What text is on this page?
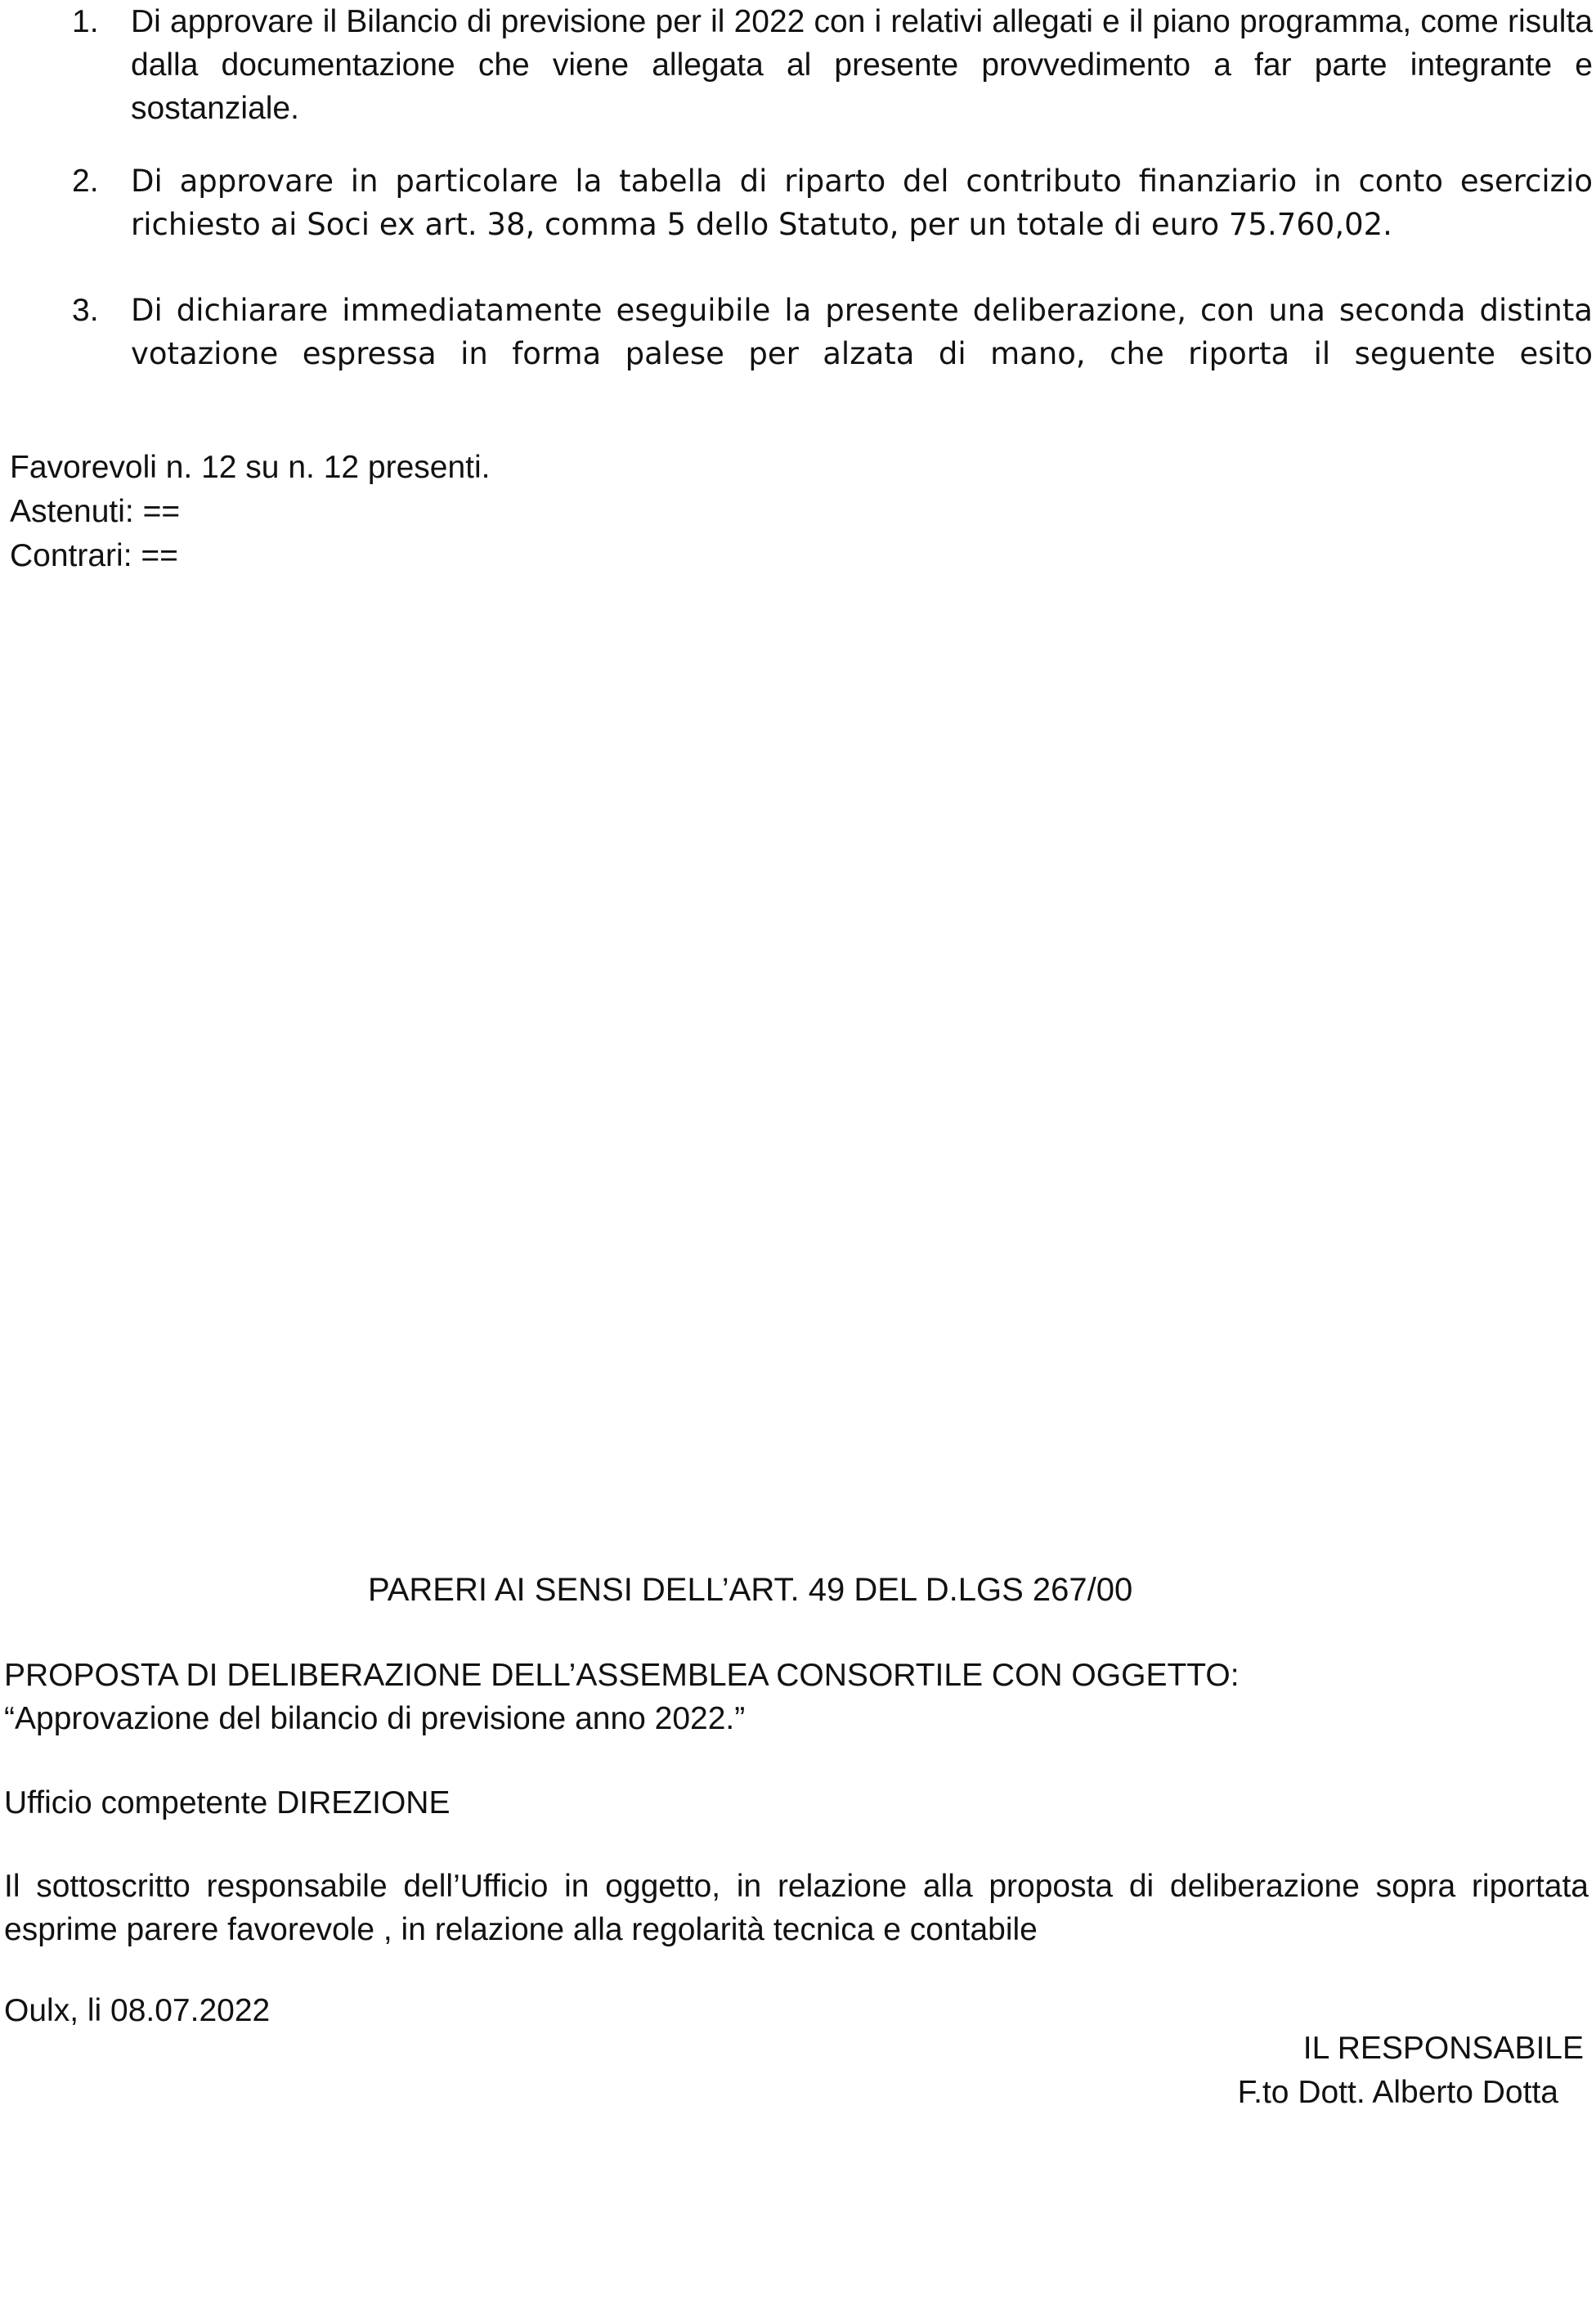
1. Di approvare il Bilancio di previsione per il 2022 con i relativi allegati e il piano programma, come risulta dalla documentazione che viene allegata al presente provvedimento a far parte integrante e sostanziale.
2. Di approvare in particolare la tabella di riparto del contributo finanziario in conto esercizio richiesto ai Soci ex art. 38, comma 5 dello Statuto, per un totale di euro 75.760,02.
3. Di dichiarare immediatamente eseguibile la presente deliberazione, con una seconda distinta votazione espressa in forma palese per alzata di mano, che riporta il seguente esito
Favorevoli n. 12 su n. 12 presenti.
Astenuti: ==
Contrari: ==
PARERI AI SENSI DELL’ART. 49 DEL D.LGS 267/00
PROPOSTA DI DELIBERAZIONE DELL’ASSEMBLEA CONSORTILE CON OGGETTO:
“Approvazione del bilancio di previsione anno 2022.”
Ufficio competente DIREZIONE
Il sottoscritto responsabile dell’Ufficio in oggetto, in relazione alla proposta di deliberazione sopra riportata esprime parere favorevole , in relazione alla regolarità tecnica e contabile
Oulx, li 08.07.2022
IL RESPONSABILE
F.to Dott. Alberto Dotta
